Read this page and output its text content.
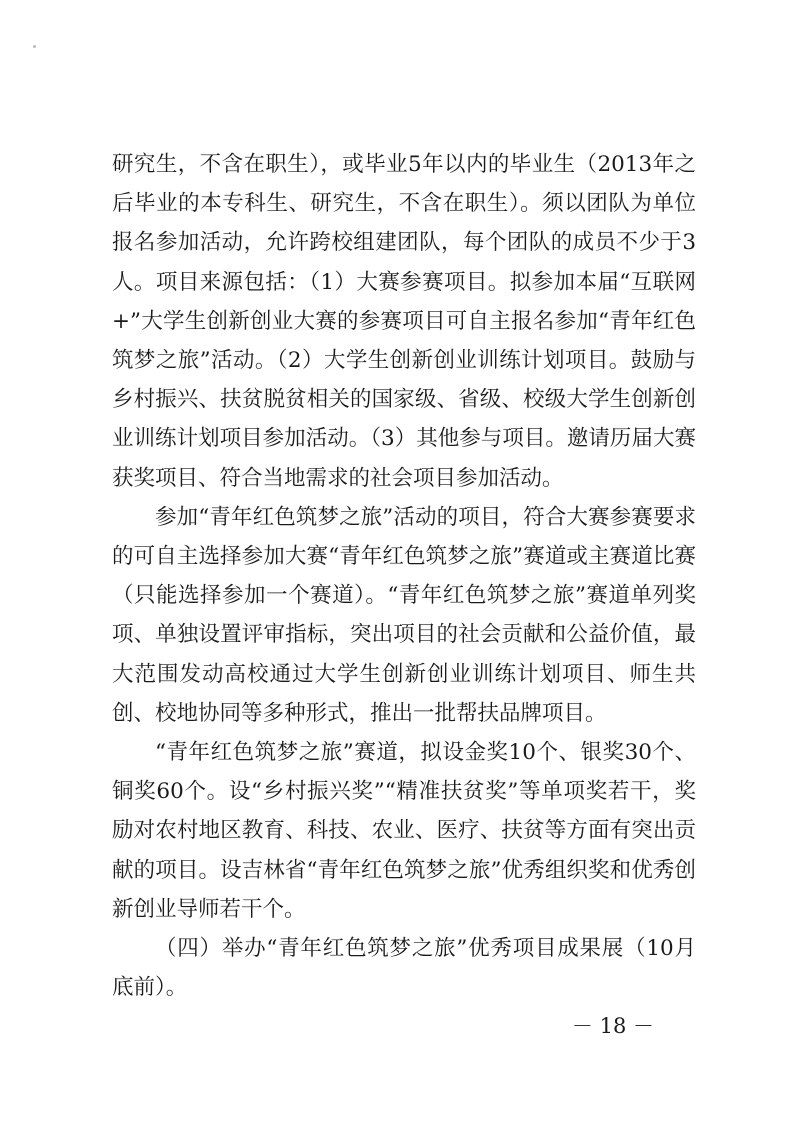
研究生，不含在职生），或毕业5年以内的毕业生（2013年之后毕业的本专科生、研究生，不含在职生）。须以团队为单位报名参加活动，允许跨校组建团队，每个团队的成员不少于3人。项目来源包括：（1）大赛参赛项目。拟参加本届“互联网+”大学生创新创业大赛的参赛项目可自主报名参加“青年红色筑梦之旅”活动。（2）大学生创新创业训练计划项目。鼓励与乡村振兴、扶贫脱贫相关的国家级、省级、校级大学生创新创业训练计划项目参加活动。（3）其他参与项目。邀请历届大赛获奖项目、符合当地需求的社会项目参加活动。

参加“青年红色筑梦之旅”活动的项目，符合大赛参赛要求的可自主选择参加大赛“青年红色筑梦之旅”赛道或主赛道比赛（只能选择参加一个赛道）。“青年红色筑梦之旅”赛道单列奖项、单独设置评审指标，突出项目的社会贡献和公益价值，最大范围发动高校通过大学生创新创业训练计划项目、师生共创、校地协同等多种形式，推出一批帮扶品牌项目。

“青年红色筑梦之旅”赛道，拟设金奖10个、银奖30个、铜奖60个。设“乡村振兴奖”“精准扶贫奖”等单项奖若干，奖励对农村地区教育、科技、农业、医疗、扶贫等方面有突出贡献的项目。设吉林省“青年红色筑梦之旅”优秀组织奖和优秀创新创业导师若干个。

（四）举办“青年红色筑梦之旅”优秀项目成果展（10月底前）。

－ 18 －
